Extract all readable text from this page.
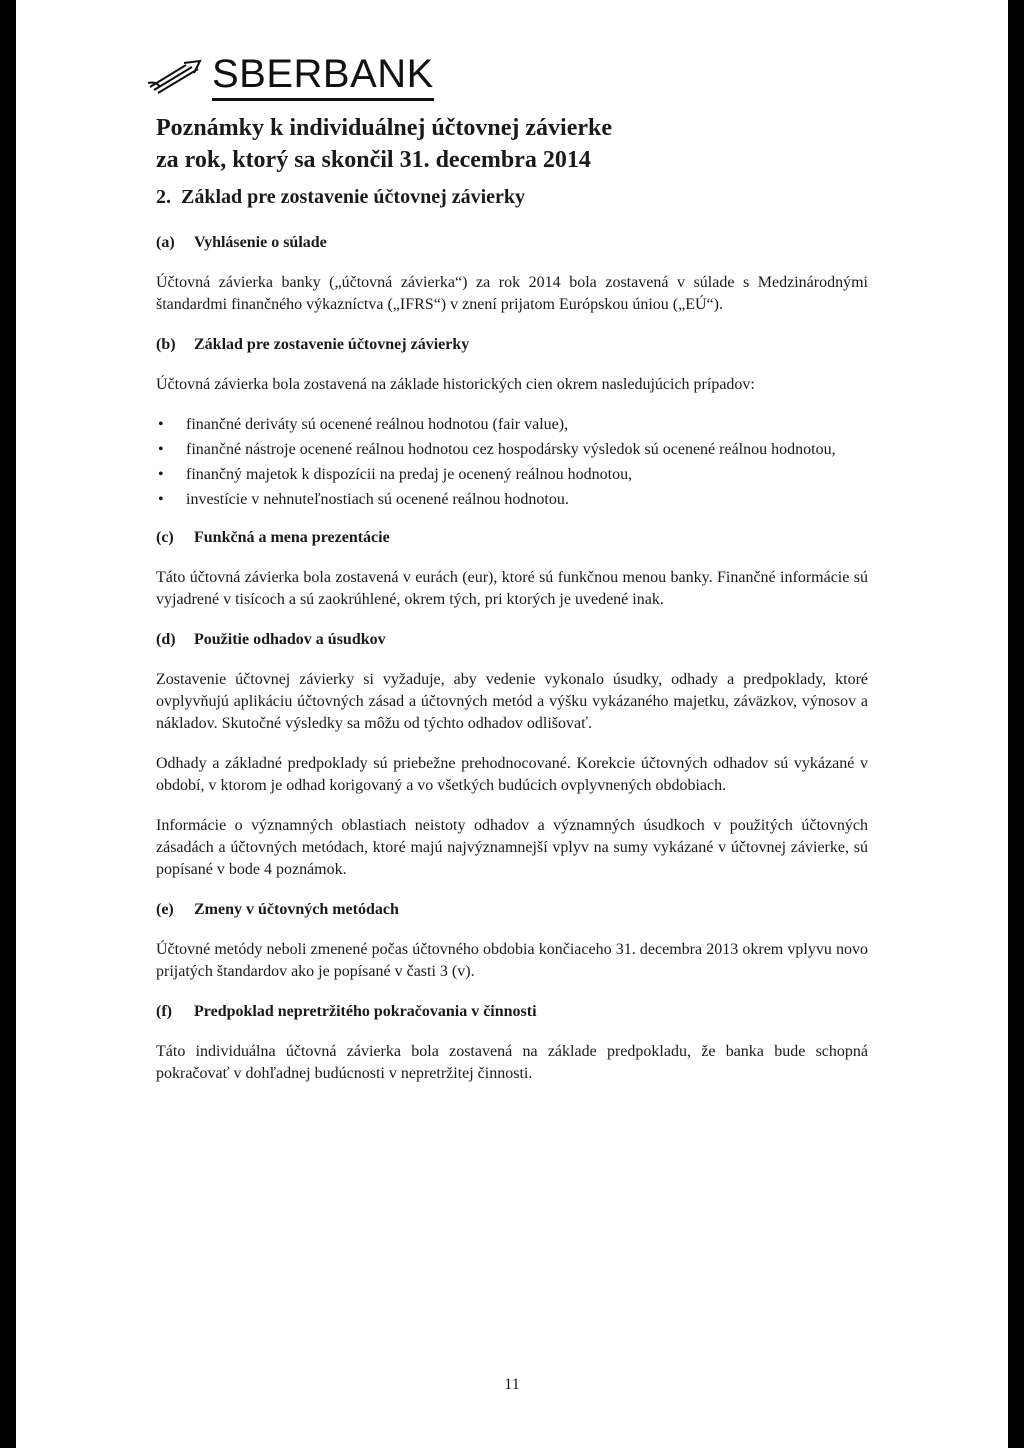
SBERBANK
Poznámky k individuálnej účtovnej závierke
za rok, ktorý sa skončil 31. decembra 2014
2. Základ pre zostavenie účtovnej závierky
(a)	Vyhlásenie o súlade

Účtovná závierka banky („účtovná závierka“) za rok 2014 bola zostavená v súlade s Medzinárodnými štandardmi finančného výkazníctva („IFRS“) v znení prijatom Európskou úniou („EÚ“).

(b)	Základ pre zostavenie účtovnej závierky

Účtovná závierka bola zostavená na základe historických cien okrem nasledujúcich prípadov:

• finančné deriváty sú ocenené reálnou hodnotou (fair value),
• finančné nástroje ocenené reálnou hodnotou cez hospodársky výsledok sú ocenené reálnou hodnotou,
• finančný majetok k dispozícii na predaj je ocenený reálnou hodnotou,
• investície v nehnuteľnostiach sú ocenené reálnou hodnotou.
(c)	Funkčná a mena prezentácie

Táto účtovná závierka bola zostavená v eurách (eur), ktoré sú funkčnou menou banky. Finančné informácie sú vyjadrené v tisícoch a sú zaokrúhlené, okrem tých, pri ktorých je uvedené inak.

(d)	Použitie odhadov a úsudkov

Zostavenie účtovnej závierky si vyžaduje, aby vedenie vykonalo úsudky, odhady a predpoklady, ktoré ovplyvňujú aplikáciu účtovných zásad a účtovných metód a výšku vykázaného majetku, záväzkov, výnosov a nákladov. Skutočné výsledky sa môžu od týchto odhadov odlišovať.

Odhady a základné predpoklady sú priebežne prehodnocované. Korekcie účtovných odhadov sú vykázané v období, v ktorom je odhad korigovaný a vo všetkých budúcich ovplyvnených obdobiach.

Informácie o významných oblastiach neistoty odhadov a významných úsudkoch v použitých účtovných zásadách a účtovných metódach, ktoré majú najvýznamnejší vplyv na sumy vykázané v účtovnej závierke, sú popísané v bode 4 poznámok.

(e)	Zmeny v účtovných metódach

Účtovné metódy neboli zmenené počas účtovného obdobia končiaceho 31. decembra 2013 okrem vplyvu novo prijatých štandardov ako je popísané v časti 3 (v).

(f)	Predpoklad nepretržitého pokračovania v činnosti

Táto individuálna účtovná závierka bola zostavená na základe predpokladu, že banka bude schopná pokračovať v dohľadnej budúcnosti v nepretržitej činnosti.

11
